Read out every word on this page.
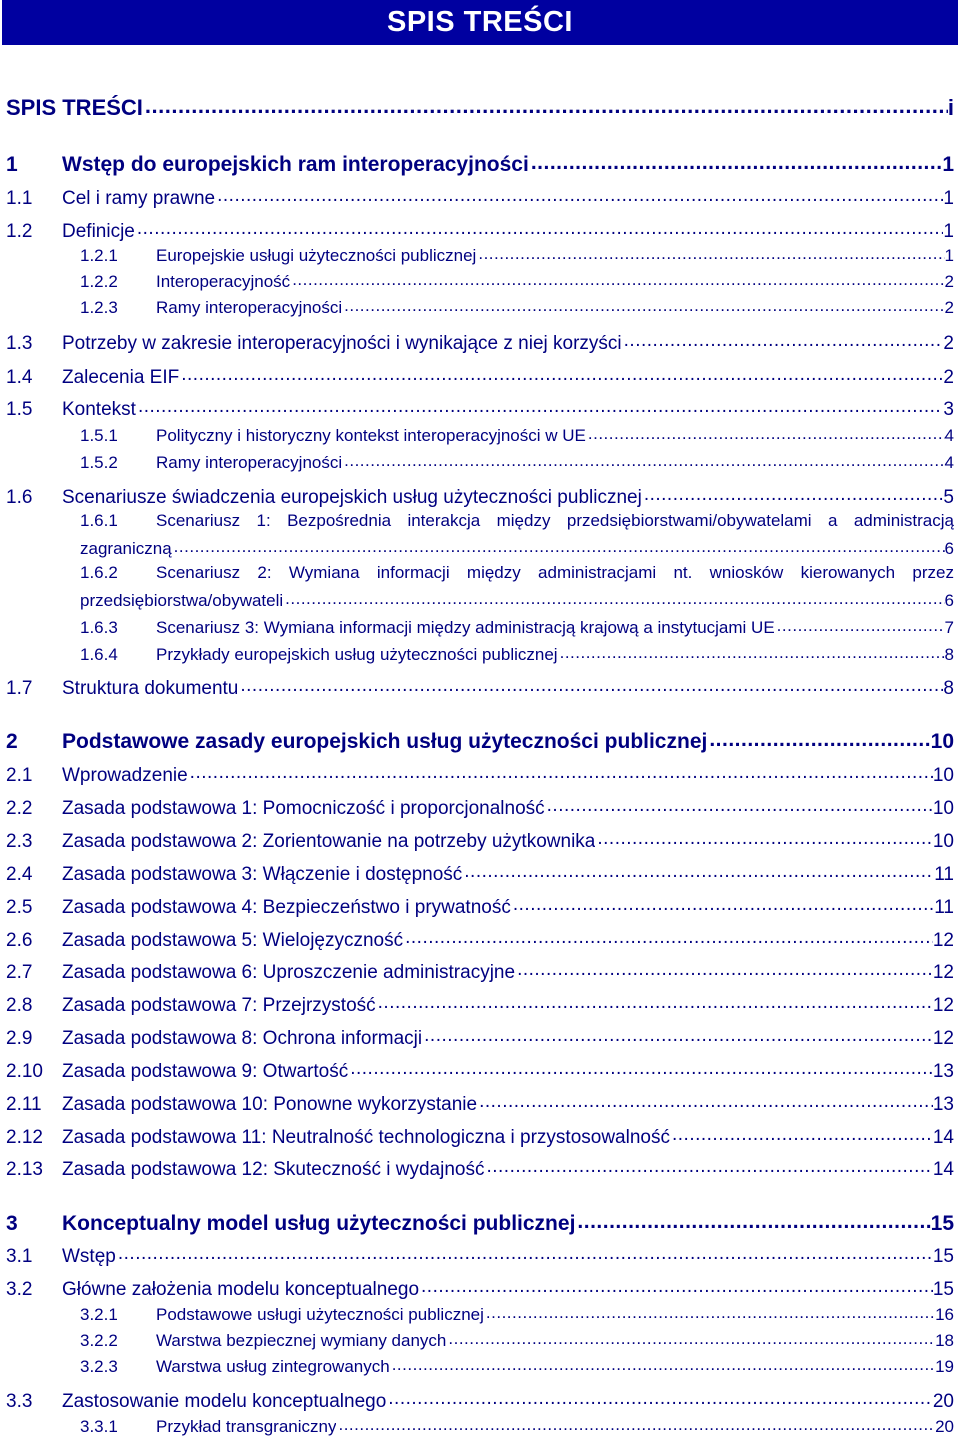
SPIS TREŚCI
SPIS TREŚCI .....	i
1	Wstęp do europejskich ram interoperacyjności .....	1
1.1	Cel i ramy prawne .....	1
1.2	Definicje .....	1
1.2.1	Europejskie usługi użyteczności publicznej .....	1
1.2.2	Interoperacyjność .....	2
1.2.3	Ramy interoperacyjności .....	2
1.3	Potrzeby w zakresie interoperacyjności i wynikające z niej korzyści .....	2
1.4	Zalecenia EIF .....	2
1.5	Kontekst .....	3
1.5.1	Polityczny i historyczny kontekst interoperacyjności w UE .....	4
1.5.2	Ramy interoperacyjności .....	4
1.6	Scenariusze świadczenia europejskich usług użyteczności publicznej .....	5
1.6.1	Scenariusz 1: Bezpośrednia interakcja między przedsiębiorstwami/obywatelami a administracją
zagraniczną .....	6
1.6.2	Scenariusz 2: Wymiana informacji między administracjami nt. wniosków kierowanych przez
przedsiębiorstwa/obywateli .....	6
1.6.3	Scenariusz 3: Wymiana informacji między administracją krajową a instytucjami UE .....	7
1.6.4	Przykłady europejskich usług użyteczności publicznej .....	8
1.7	Struktura dokumentu .....	8
2	Podstawowe zasady europejskich usług użyteczności publicznej .....	10
2.1	Wprowadzenie .....	10
2.2	Zasada podstawowa 1: Pomocniczość i proporcjonalność .....	10
2.3	Zasada podstawowa 2: Zorientowanie na potrzeby użytkownika .....	10
2.4	Zasada podstawowa 3: Włączenie i dostępność .....	11
2.5	Zasada podstawowa 4: Bezpieczeństwo i prywatność .....	11
2.6	Zasada podstawowa 5: Wielojęzyczność .....	12
2.7	Zasada podstawowa 6: Uproszczenie administracyjne .....	12
2.8	Zasada podstawowa 7: Przejrzystość .....	12
2.9	Zasada podstawowa 8: Ochrona informacji .....	12
2.10	Zasada podstawowa 9: Otwartość .....	13
2.11	Zasada podstawowa 10: Ponowne wykorzystanie .....	13
2.12	Zasada podstawowa 11: Neutralność technologiczna i przystosowalność .....	14
2.13	Zasada podstawowa 12: Skuteczność i wydajność .....	14
3	Konceptualny model usług użyteczności publicznej .....	15
3.1	Wstęp .....	15
3.2	Główne założenia modelu konceptualnego .....	15
3.2.1	Podstawowe usługi użyteczności publicznej .....	16
3.2.2	Warstwa bezpiecznej wymiany danych .....	18
3.2.3	Warstwa usług zintegrowanych .....	19
3.3	Zastosowanie modelu konceptualnego .....	20
3.3.1	Przykład transgraniczny .....	20
